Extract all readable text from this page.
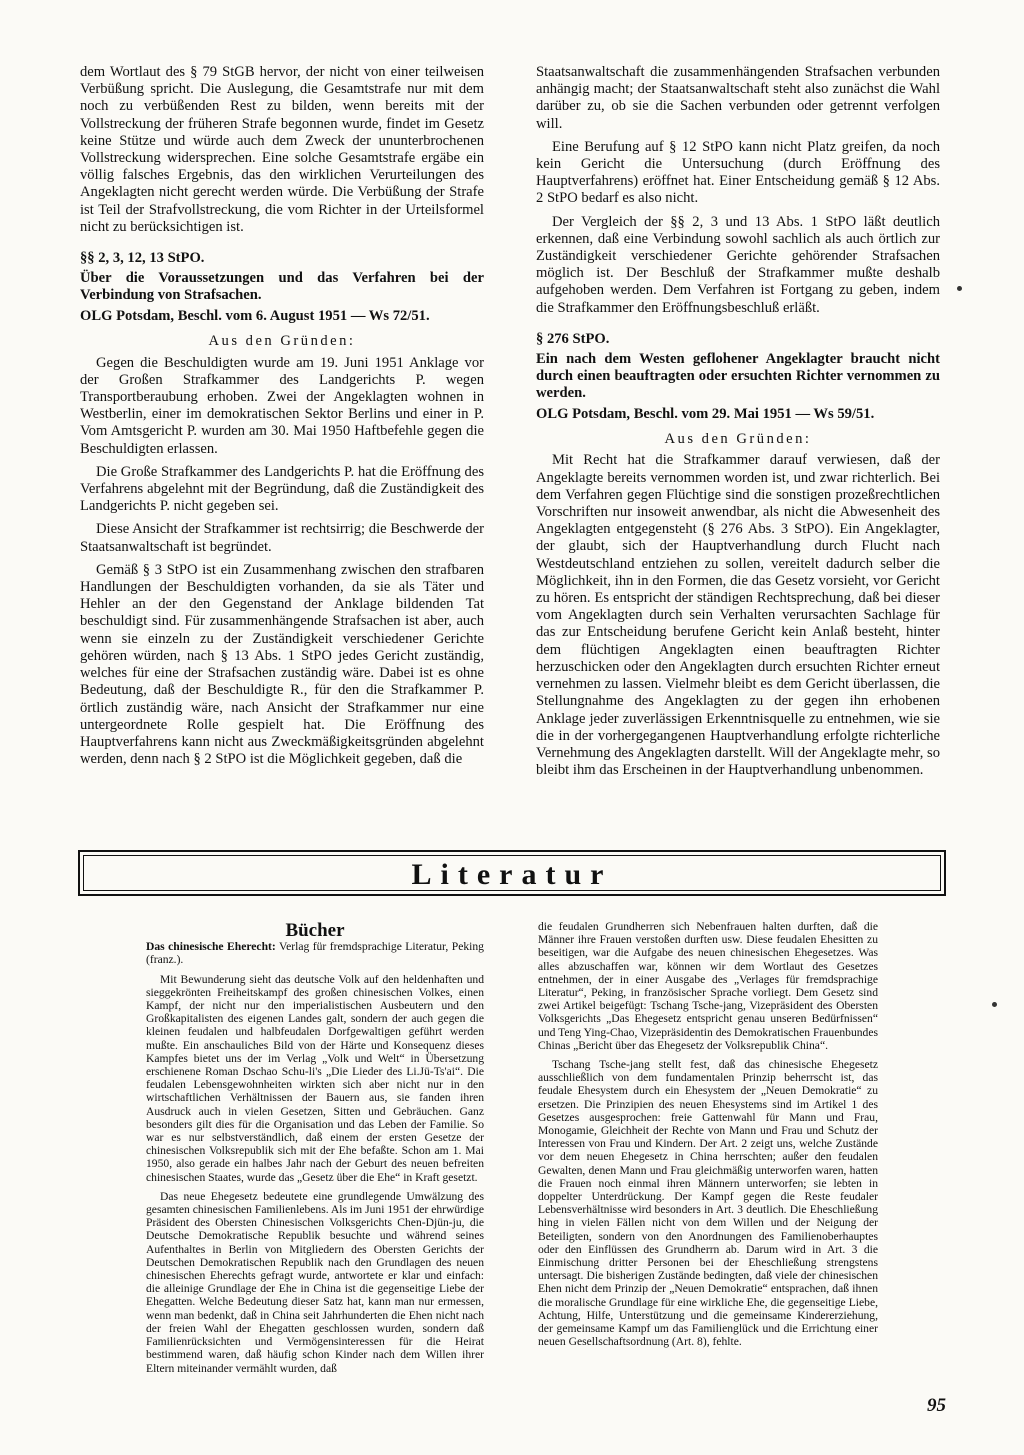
dem Wortlaut des § 79 StGB hervor, der nicht von einer teilweisen Verbüßung spricht. Die Auslegung, die Gesamtstrafe nur mit dem noch zu verbüßenden Rest zu bilden, wenn bereits mit der Vollstreckung der früheren Strafe begonnen wurde, findet im Gesetz keine Stütze und würde auch dem Zweck der ununterbrochenen Vollstreckung widersprechen. Eine solche Gesamtstrafe ergäbe ein völlig falsches Ergebnis, das den wirklichen Verurteilungen des Angeklagten nicht gerecht werden würde. Die Verbüßung der Strafe ist Teil der Strafvollstreckung, die vom Richter in der Urteilsformel nicht zu berücksichtigen ist.

§§ 2, 3, 12, 13 StPO.
Über die Voraussetzungen und das Verfahren bei der Verbindung von Strafsachen.
OLG Potsdam, Beschl. vom 6. August 1951 — Ws 72/51.
Aus den Gründen:

Gegen die Beschuldigten wurde am 19. Juni 1951 Anklage vor der Großen Strafkammer des Landgerichts P. wegen Transportberaubung erhoben. Zwei der Angeklagten wohnen in Westberlin, einer im demokratischen Sektor Berlins und einer in P. Vom Amtsgericht P. wurden am 30. Mai 1950 Haftbefehle gegen die Beschuldigten erlassen.

Die Große Strafkammer des Landgerichts P. hat die Eröffnung des Verfahrens abgelehnt mit der Begründung, daß die Zuständigkeit des Landgerichts P. nicht gegeben sei.

Diese Ansicht der Strafkammer ist rechtsirrig; die Beschwerde der Staatsanwaltschaft ist begründet.

Gemäß § 3 StPO ist ein Zusammenhang zwischen den strafbaren Handlungen der Beschuldigten vorhanden, da sie als Täter und Hehler an der den Gegenstand der Anklage bildenden Tat beschuldigt sind. Für zusammenhängende Strafsachen ist aber, auch wenn sie einzeln zu der Zuständigkeit verschiedener Gerichte gehören würden, nach § 13 Abs. 1 StPO jedes Gericht zuständig, welches für eine der Strafsachen zuständig wäre. Dabei ist es ohne Bedeutung, daß der Beschuldigte R., für den die Strafkammer P. örtlich zuständig wäre, nach Ansicht der Strafkammer nur eine untergeordnete Rolle gespielt hat. Die Eröffnung des Hauptverfahrens kann nicht aus Zweckmäßigkeitsgründen abgelehnt werden, denn nach § 2 StPO ist die Möglichkeit gegeben, daß die

Staatsanwaltschaft die zusammenhängenden Strafsachen verbunden anhängig macht; der Staatsanwaltschaft steht also zunächst die Wahl darüber zu, ob sie die Sachen verbunden oder getrennt verfolgen will.

Eine Berufung auf § 12 StPO kann nicht Platz greifen, da noch kein Gericht die Untersuchung (durch Eröffnung des Hauptverfahrens) eröffnet hat. Einer Entscheidung gemäß § 12 Abs. 2 StPO bedarf es also nicht.

Der Vergleich der §§ 2, 3 und 13 Abs. 1 StPO läßt deutlich erkennen, daß eine Verbindung sowohl sachlich als auch örtlich zur Zuständigkeit verschiedener Gerichte gehörender Strafsachen möglich ist. Der Beschluß der Strafkammer mußte deshalb aufgehoben werden. Dem Verfahren ist Fortgang zu geben, indem die Strafkammer den Eröffnungsbeschluß erläßt.

§ 276 StPO.
Ein nach dem Westen geflohener Angeklagter braucht nicht durch einen beauftragten oder ersuchten Richter vernommen zu werden.
OLG Potsdam, Beschl. vom 29. Mai 1951 — Ws 59/51.
Aus den Gründen:

Mit Recht hat die Strafkammer darauf verwiesen, daß der Angeklagte bereits vernommen worden ist, und zwar richterlich. Bei dem Verfahren gegen Flüchtige sind die sonstigen prozeßrechtlichen Vorschriften nur insoweit anwendbar, als nicht die Abwesenheit des Angeklagten entgegensteht (§ 276 Abs. 3 StPO). Ein Angeklagter, der glaubt, sich der Hauptverhandlung durch Flucht nach Westdeutschland entziehen zu sollen, vereitelt dadurch selber die Möglichkeit, ihn in den Formen, die das Gesetz vorsieht, vor Gericht zu hören. Es entspricht der ständigen Rechtsprechung, daß bei dieser vom Angeklagten durch sein Verhalten verursachten Sachlage für das zur Entscheidung berufene Gericht kein Anlaß besteht, hinter dem flüchtigen Angeklagten einen beauftragten Richter herzuschicken oder den Angeklagten durch ersuchten Richter erneut vernehmen zu lassen. Vielmehr bleibt es dem Gericht überlassen, die Stellungnahme des Angeklagten zu der gegen ihn erhobenen Anklage jeder zuverlässigen Erkenntnisquelle zu entnehmen, wie sie die in der vorhergegangenen Hauptverhandlung erfolgte richterliche Vernehmung des Angeklagten darstellt. Will der Angeklagte mehr, so bleibt ihm das Erscheinen in der Hauptverhandlung unbenommen.

Literatur
Bücher

Das chinesische Eherecht: Verlag für fremdsprachige Literatur, Peking (franz.).

Mit Bewunderung sieht das deutsche Volk auf den heldenhaften und sieggekrönten Freiheitskampf des großen chinesischen Volkes, einen Kampf, der nicht nur den imperialistischen Ausbeutern und den Großkapitalisten des eigenen Landes galt, sondern der auch gegen die kleinen feudalen und halbfeudalen Dorfgewaltigen geführt werden mußte. Ein anschauliches Bild von der Härte und Konsequenz dieses Kampfes bietet uns der im Verlag „Volk und Welt“ in Übersetzung erschienene Roman Dschao Schu-li's „Die Lieder des Li.Jü-Ts'ai“. Die feudalen Lebensgewohnheiten wirkten sich aber nicht nur in den wirtschaftlichen Verhältnissen der Bauern aus, sie fanden ihren Ausdruck auch in vielen Gesetzen, Sitten und Gebräuchen. Ganz besonders gilt dies für die Organisation und das Leben der Familie. So war es nur selbstverständlich, daß einem der ersten Gesetze der chinesischen Volksrepublik sich mit der Ehe befaßte. Schon am 1. Mai 1950, also gerade ein halbes Jahr nach der Geburt des neuen befreiten chinesischen Staates, wurde das „Gesetz über die Ehe“ in Kraft gesetzt.

Das neue Ehegesetz bedeutete eine grundlegende Umwälzung des gesamten chinesischen Familienlebens. Als im Juni 1951 der ehrwürdige Präsident des Obersten Chinesischen Volksgerichts Chen-Djün-ju, die Deutsche Demokratische Republik besuchte und während seines Aufenthaltes in Berlin von Mitgliedern des Obersten Gerichts der Deutschen Demokratischen Republik nach den Grundlagen des neuen chinesischen Eherechts gefragt wurde, antwortete er klar und einfach: die alleinige Grundlage der Ehe in China ist die gegenseitige Liebe der Ehegatten. Welche Bedeutung dieser Satz hat, kann man nur ermessen, wenn man bedenkt, daß in China seit Jahrhunderten die Ehen nicht nach der freien Wahl der Ehegatten geschlossen wurden, sondern daß Familienrücksichten und Vermögensinteressen für die Heirat bestimmend waren, daß häufig schon Kinder nach dem Willen ihrer Eltern miteinander vermählt wurden, daß

die feudalen Grundherren sich Nebenfrauen halten durften, daß die Männer ihre Frauen verstoßen durften usw. Diese feudalen Ehesitten zu beseitigen, war die Aufgabe des neuen chinesischen Ehegesetzes. Was alles abzuschaffen war, können wir dem Wortlaut des Gesetzes entnehmen, der in einer Ausgabe des „Verlages für fremdsprachige Literatur“, Peking, in französischer Sprache vorliegt. Dem Gesetz sind zwei Artikel beigefügt: Tschang Tsche-jang, Vizepräsident des Obersten Volksgerichts „Das Ehegesetz entspricht genau unseren Bedürfnissen“ und Teng Ying-Chao, Vizepräsidentin des Demokratischen Frauenbundes Chinas „Bericht über das Ehegesetz der Volksrepublik China“.

Tschang Tsche-jang stellt fest, daß das chinesische Ehegesetz ausschließlich von dem fundamentalen Prinzip beherrscht ist, das feudale Ehesystem durch ein Ehesystem der „Neuen Demokratie“ zu ersetzen. Die Prinzipien des neuen Ehesystems sind im Artikel 1 des Gesetzes ausgesprochen: freie Gattenwahl für Mann und Frau, Monogamie, Gleichheit der Rechte von Mann und Frau und Schutz der Interessen von Frau und Kindern. Der Art. 2 zeigt uns, welche Zustände vor dem neuen Ehegesetz in China herrschten; außer den feudalen Gewalten, denen Mann und Frau gleichmäßig unterworfen waren, hatten die Frauen noch einmal ihren Männern unterworfen; sie lebten in doppelter Unterdrückung. Der Kampf gegen die Reste feudaler Lebensverhältnisse wird besonders in Art. 3 deutlich. Die Eheschließung hing in vielen Fällen nicht von dem Willen und der Neigung der Beteiligten, sondern von den Anordnungen des Familienoberhauptes oder den Einflüssen des Grundherrn ab. Darum wird in Art. 3 die Einmischung dritter Personen bei der Eheschließung strengstens untersagt. Die bisherigen Zustände bedingten, daß viele der chinesischen Ehen nicht dem Prinzip der „Neuen Demokratie“ entsprachen, daß ihnen die moralische Grundlage für eine wirkliche Ehe, die gegenseitige Liebe, Achtung, Hilfe, Unterstützung und die gemeinsame Kindererziehung, der gemeinsame Kampf um das Familienglück und die Errichtung einer neuen Gesellschaftsordnung (Art. 8), fehlte.

95
